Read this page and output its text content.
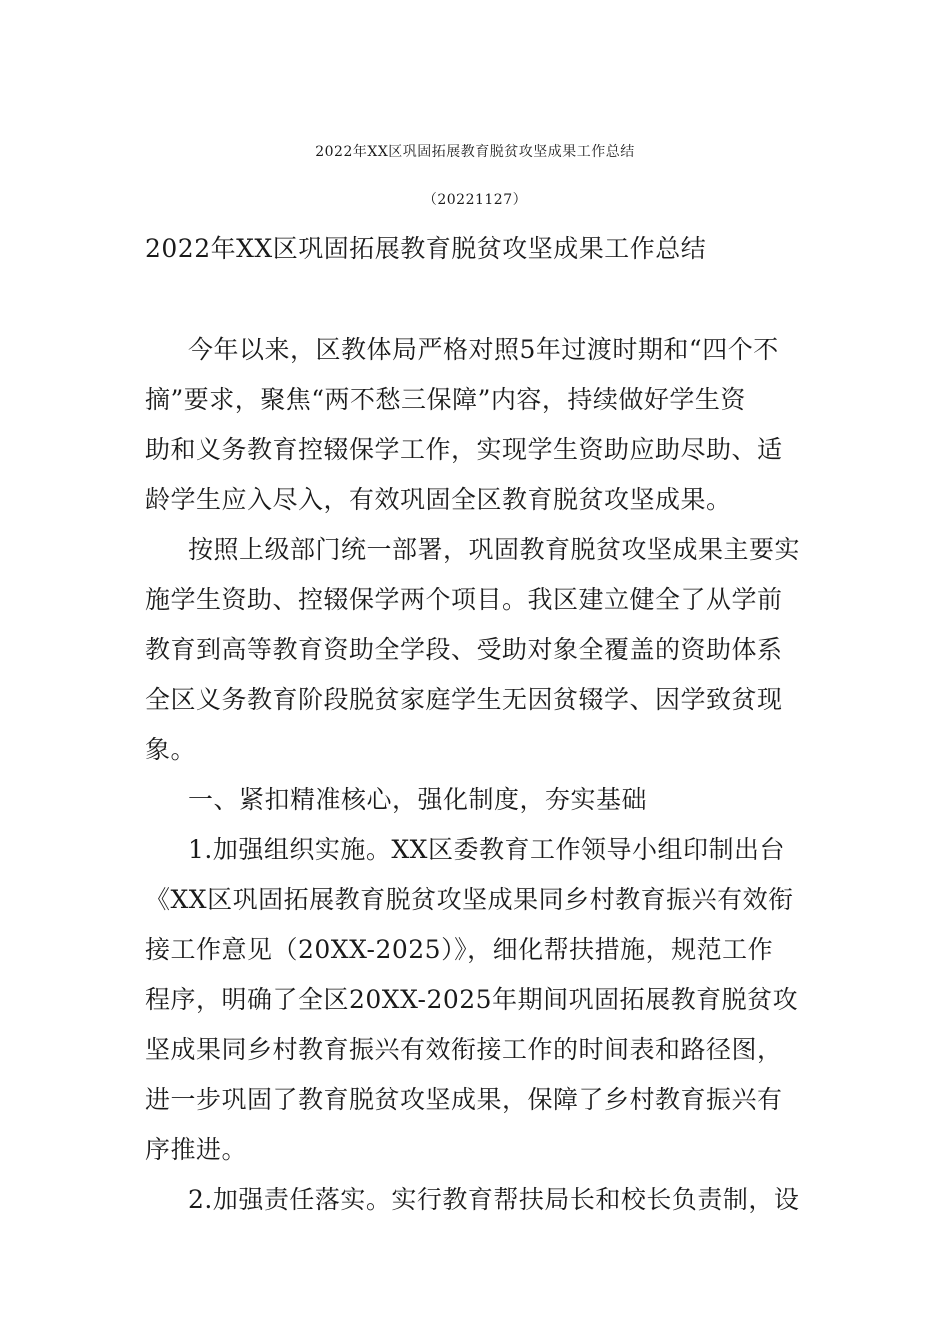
2022年XX区巩固拓展教育脱贫攻坚成果工作总结
（20221127）
2022年XX区巩固拓展教育脱贫攻坚成果工作总结
今年以来，区教体局严格对照5年过渡时期和“四个不
摘”要求，聚焦“两不愁三保障”内容，持续做好学生资
助和义务教育控辍保学工作，实现学生资助应助尽助、适
龄学生应入尽入，有效巩固全区教育脱贫攻坚成果。
按照上级部门统一部署，巩固教育脱贫攻坚成果主要实
施学生资助、控辍保学两个项目。我区建立健全了从学前
教育到高等教育资助全学段、受助对象全覆盖的资助体系
全区义务教育阶段脱贫家庭学生无因贫辍学、因学致贫现
象。
一、紧扣精准核心，强化制度，夯实基础
1.加强组织实施。XX区委教育工作领导小组印制出台
《XX区巩固拓展教育脱贫攻坚成果同乡村教育振兴有效衔
接工作意见（20XX-2025）》，细化帮扶措施，规范工作
程序，明确了全区20XX-2025年期间巩固拓展教育脱贫攻
坚成果同乡村教育振兴有效衔接工作的时间表和路径图，
进一步巩固了教育脱贫攻坚成果，保障了乡村教育振兴有
序推进。
2.加强责任落实。实行教育帮扶局长和校长负责制，设
